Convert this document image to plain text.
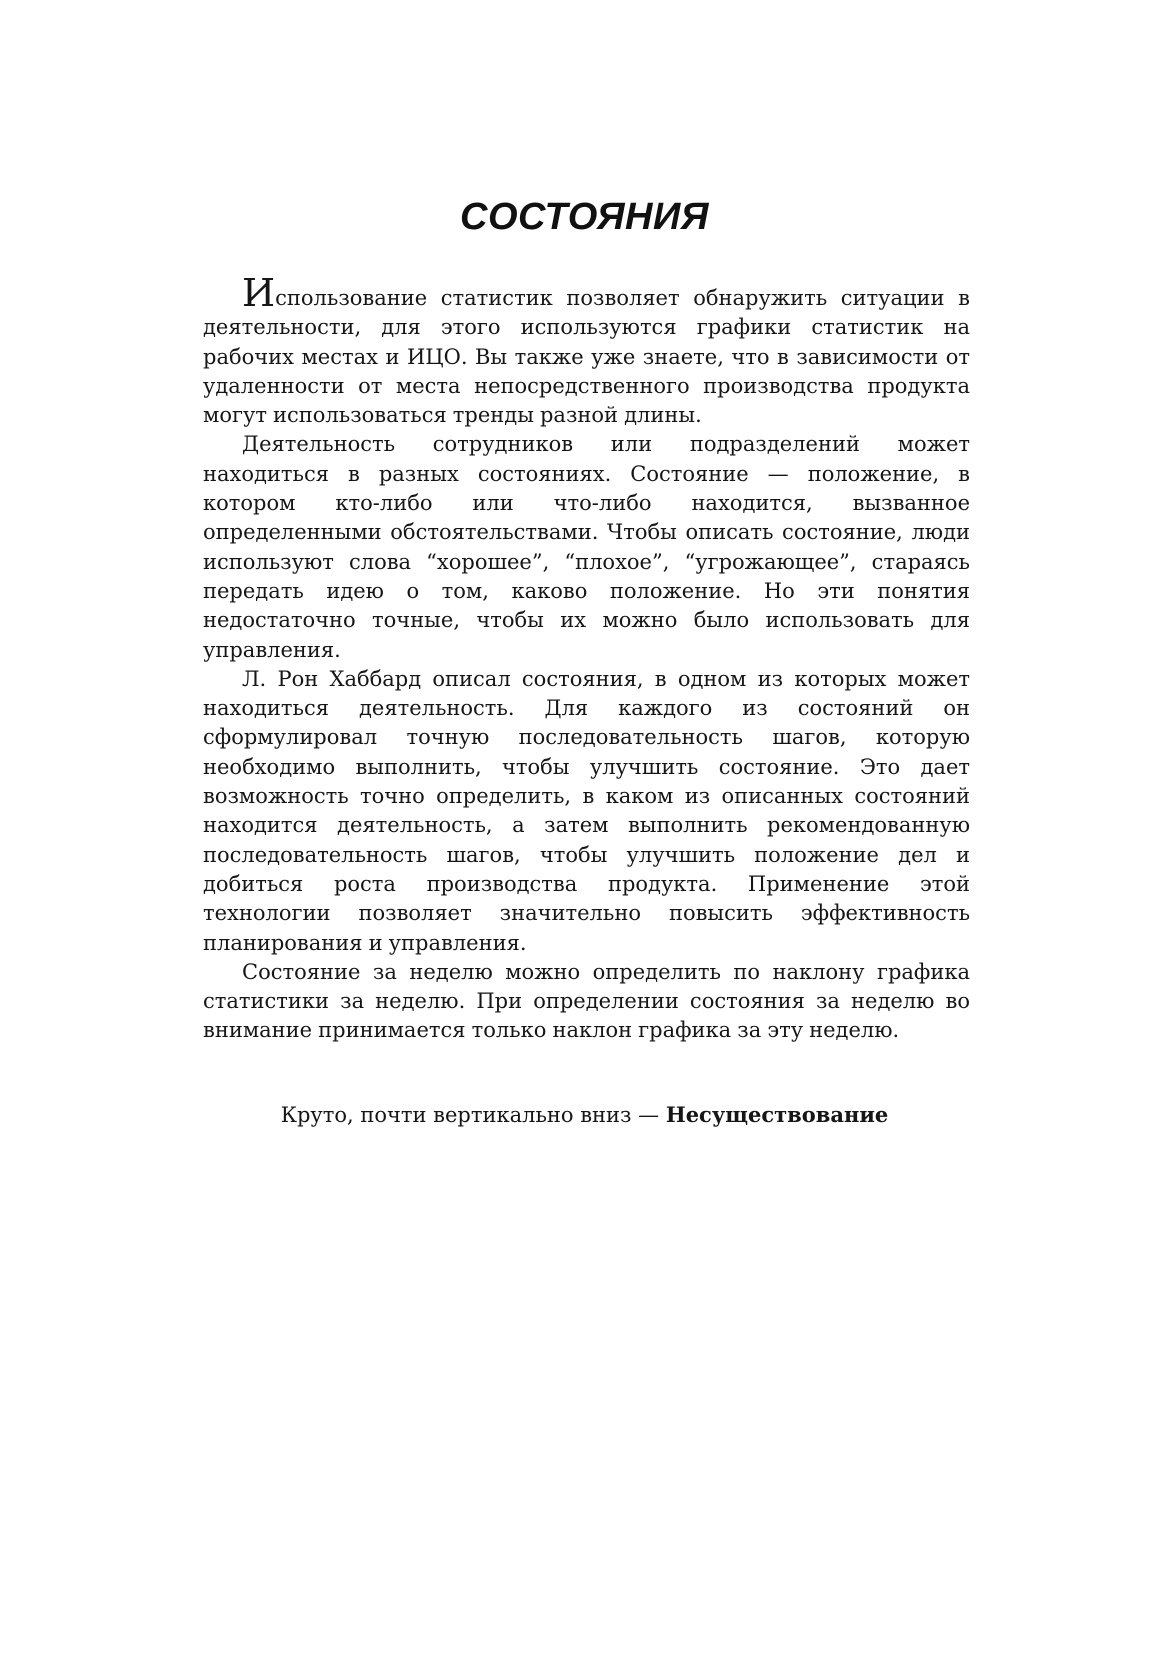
СОСТОЯНИЯ

Использование статистик позволяет обнаружить ситуации в деятельности, для этого используются графики статистик на рабочих местах и ИЦО. Вы также уже знаете, что в зависимости от удаленности от места непосредственного производства продукта могут использоваться тренды разной длины.

Деятельность сотрудников или подразделений может находиться в разных состояниях. Состояние — положение, в котором кто-либо или что-либо находится, вызванное определенными обстоятельствами. Чтобы описать состояние, люди используют слова “хорошее”, “плохое”, “угрожающее”, стараясь передать идею о том, каково положение. Но эти понятия недостаточно точные, чтобы их можно было использовать для управления.

Л. Рон Хаббард описал состояния, в одном из которых может находиться деятельность. Для каждого из состояний он сформулировал точную последовательность шагов, которую необходимо выполнить, чтобы улучшить состояние. Это дает возможность точно определить, в каком из описанных состояний находится деятельность, а затем выполнить рекомендованную последовательность шагов, чтобы улучшить положение дел и добиться роста производства продукта. Применение этой технологии позволяет значительно повысить эффективность планирования и управления.

Состояние за неделю можно определить по наклону графика статистики за неделю. При определении состояния за неделю во внимание принимается только наклон графика за эту неделю.

Круто, почти вертикально вниз — Несуществование
